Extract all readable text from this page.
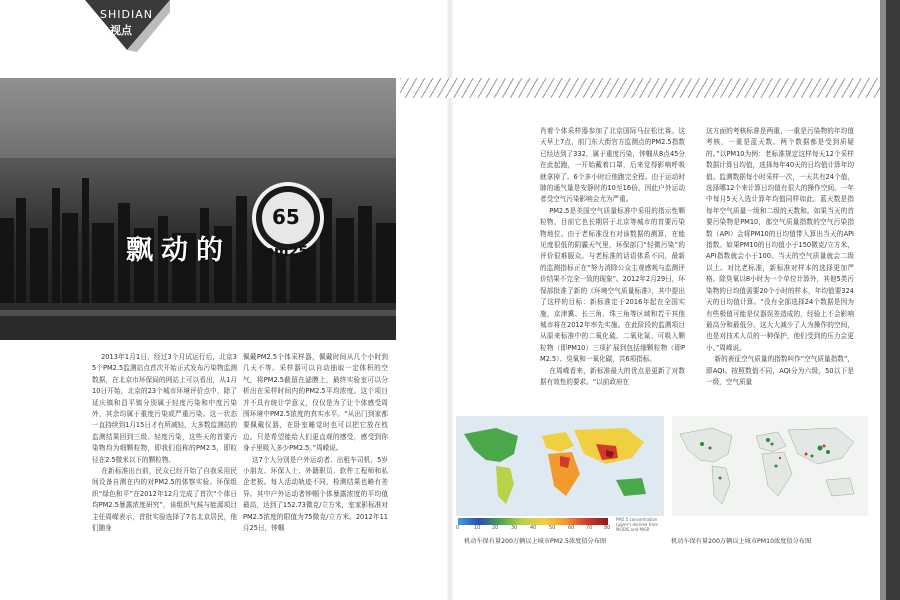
SHIDIAN
视点
65
飘动的 pm25
2013年1月1日，经过3个月试运行后，北京35个PM2.5监测站点首次开始正式发布污染物监测数据，在北京市环保局的网站上可以看出，从1月10日开始，北京的23个城市环境评价点中，除了延庆镇和昌平镇分别属于轻度污染和中度污染外，其余均属于重度污染或严重污染。这一状态一直持续到1月15日才有所减轻，大多数监测站的监测结果回到三级、轻度污染，这些天的首要污染物均为细颗粒物，即我们俗称的PM2.5，即粒径在2.5微米以下的颗粒物。
在新标准出台前，民众已经开始了自我采用民间设备自测在内的对PM2.5的体察实验。环保组织“绿色和平”在2012年12月完成了首次“个体日均PM2.5暴露浓度研究”，该组织气候与能源项目主任周嵘表示，首批实验选择了7名北京居民，他们随身
佩戴PM2.5个体采样器，佩戴时间从几个小时到几天不等。采样器可以自动抽取一定体积的空气，将PM2.5截留在滤膜上，最终实验室可以分析出在采样时间内的PM2.5平均浓度。这个项目并不具有统计学意义，仅仅是为了让个体感受周围环境中PM2.5浓度的真实水平。“从出门到家都要佩戴仪器，在卧室睡觉时也可以把它放在枕边。只是希望能给人们更直观的感受，感受到你身子里吸入多少PM2.5。”周嵘说。
这7个人分别是户外运动者、出租车司机、5岁小朋友、环保人士、外籍职员、软件工程师和私企老板。每人活动轨迹不同，检测结果也略有差异。其中户外运动者钟帼个体暴露浓度的平均值最高，达到了152.73微克/立方米，室家影标准对PM2.5浓度的限值为75微克/立方米。2012年11月25日，钟帼
肖着个体采样器参加了北京国际马拉松比赛。这天早上7点，前门东大街官方监测点的PM2.5指数已经达到了332，属于重度污染，钟帼从8点45分在此起跑，一开始戴着口罩，后来觉得影响呼吸就拿掉了。6个多小时后他跑完全程。由于运动时肺的通气量是安静时的10至16倍，因此户外运动者受空气污染影响会尤为严重。
PM2.5是美国空气质量标准中采用的指示性颗粒物，目前它也长期居于北京等城市的首要污染物地位。由于老标准没有对该数据的测算，在能见度很低的阴霾天气里，环保部门“轻微污染”的评价很难服众。与老标准的话语体系不同，最新的监测指标正在“努力消除公众主观感观与监测评价结果不完全一致的现象”。2012年2月29日，环保部批准了新的《环境空气质量标准》，其中提出了这样的目标：新标准定于2016年起在全国实施，京津冀、长三角、珠三角等区域和若干其他城市将在2012年率先实施。在此阶段的监测项目从原来标准中的二氧化硫、二氧化氮、可吸入颗粒物（即PM10）三项扩展到包括细颗粒物（即PM2.5）、臭氧和一氧化碳，共6项指标。
在周嵘看来，新标准最大的优点是更新了对数据有效性的要求。“以前政府在
这方面的考核标准是两重，一重是污染物的年均值考核，一重是蓝天数。两个数据都是受到质疑的。”以PM10为例：老标准规定这样每天12个采样数据计算日均值，选择每年40天的日均值计算年均值。监测数据每小时采样一次，一天共有24个值，选择哪12个来计算日均值有很大的操作空间。一年中每月5天入选计算年均值同样如此。蓝天数是指每年空气质量一级和二级的天数和。如果当天的首要污染物是PM10，那空气质量指数的空气污染指数（API）会将PM10的日均值带入算出当天的API指数。如果PM10的日均值小于150微克/立方米，API指数就会小于100。当天的空气质量就会二级以上。对比老标准，新标准对样本的选择更加严格。除臭氧以8小时为一个单位计算外，其他5类污染物的日均值需要20个小时的样本，年均值要324天的日均值计算。“没有全部选择24个数据是因为有些极值可能是仪器误差造成的，经验上不会影响最高分和最低分。这大大减少了人为操作的空间，也是对技术人员的一种保护，他们受到的压力会更小。”周嵘说。
新的表征空气质量的指数叫作“空气质量指数”，即AQI。按照数值不同，AQI分为六级，50以下是一级，空气质量
0	10 20	30	40	50	60 70 80
PM2.5 concentration (μg/m³) derived from MODIS and MISR
机动车保有量200万辆以上城市PM2.5浓度值分布图	机动车保有量200万辆以上城市PM10浓度值分布图
